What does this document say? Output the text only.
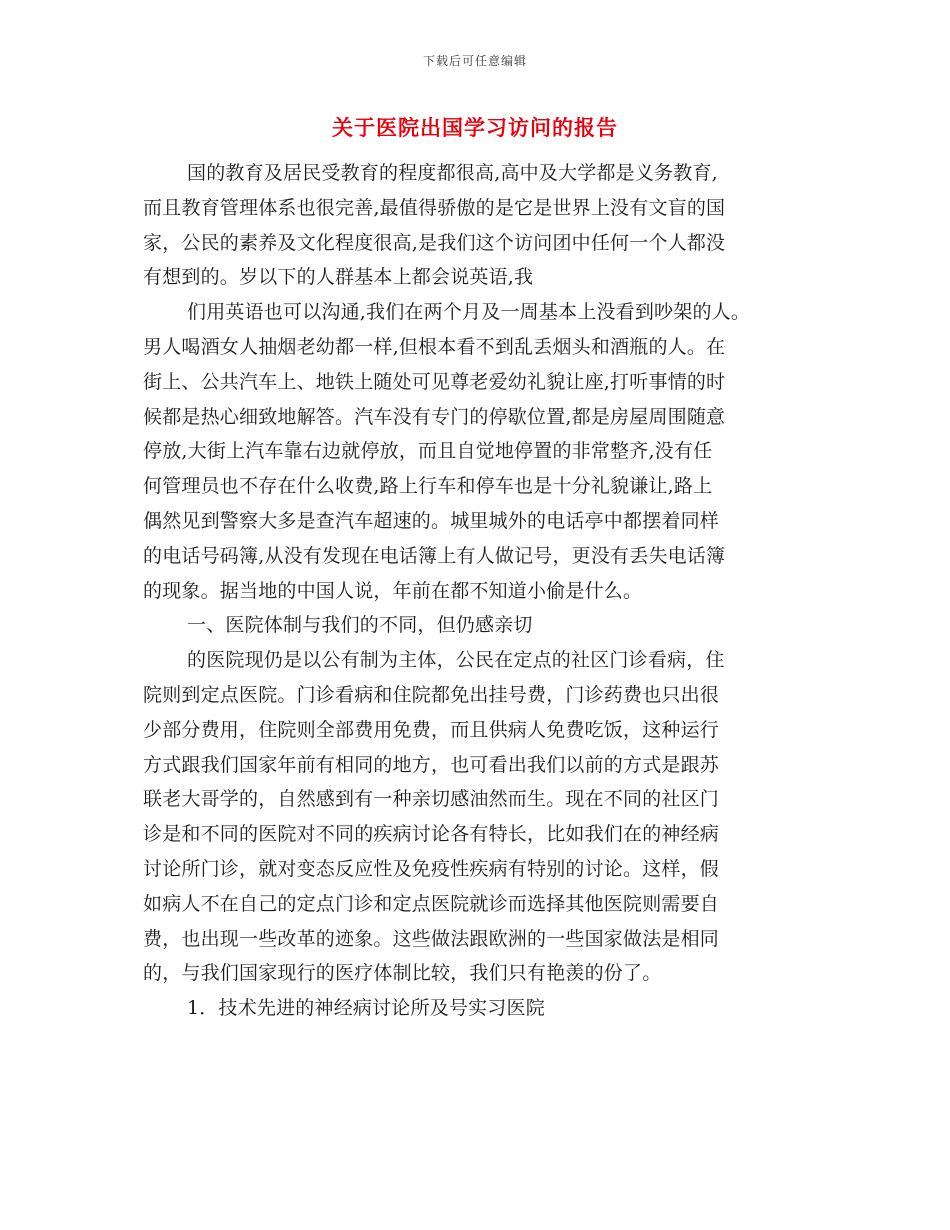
下载后可任意编辑
关于医院出国学习访问的报告
国的教育及居民受教育的程度都很高,高中及大学都是义务教育,
而且教育管理体系也很完善,最值得骄傲的是它是世界上没有文盲的国
家，公民的素养及文化程度很高,是我们这个访问团中任何一个人都没
有想到的。岁以下的人群基本上都会说英语,我
们用英语也可以沟通,我们在两个月及一周基本上没看到吵架的人。
男人喝酒女人抽烟老幼都一样,但根本看不到乱丢烟头和酒瓶的人。在
街上、公共汽车上、地铁上随处可见尊老爱幼礼貌让座,打听事情的时
候都是热心细致地解答。汽车没有专门的停歇位置,都是房屋周围随意
停放,大街上汽车靠右边就停放，而且自觉地停置的非常整齐,没有任
何管理员也不存在什么收费,路上行车和停车也是十分礼貌谦让,路上
偶然见到警察大多是查汽车超速的。城里城外的电话亭中都摆着同样
的电话号码簿,从没有发现在电话簿上有人做记号，更没有丢失电话簿
的现象。据当地的中国人说，年前在都不知道小偷是什么。
一、医院体制与我们的不同，但仍感亲切
的医院现仍是以公有制为主体，公民在定点的社区门诊看病，住
院则到定点医院。门诊看病和住院都免出挂号费，门诊药费也只出很
少部分费用，住院则全部费用免费，而且供病人免费吃饭，这种运行
方式跟我们国家年前有相同的地方，也可看出我们以前的方式是跟苏
联老大哥学的，自然感到有一种亲切感油然而生。现在不同的社区门
诊是和不同的医院对不同的疾病讨论各有特长，比如我们在的神经病
讨论所门诊，就对变态反应性及免疫性疾病有特别的讨论。这样，假
如病人不在自己的定点门诊和定点医院就诊而选择其他医院则需要自
费，也出现一些改革的迹象。这些做法跟欧洲的一些国家做法是相同
的，与我们国家现行的医疗体制比较，我们只有艳羡的份了。
1．技术先进的神经病讨论所及号实习医院
